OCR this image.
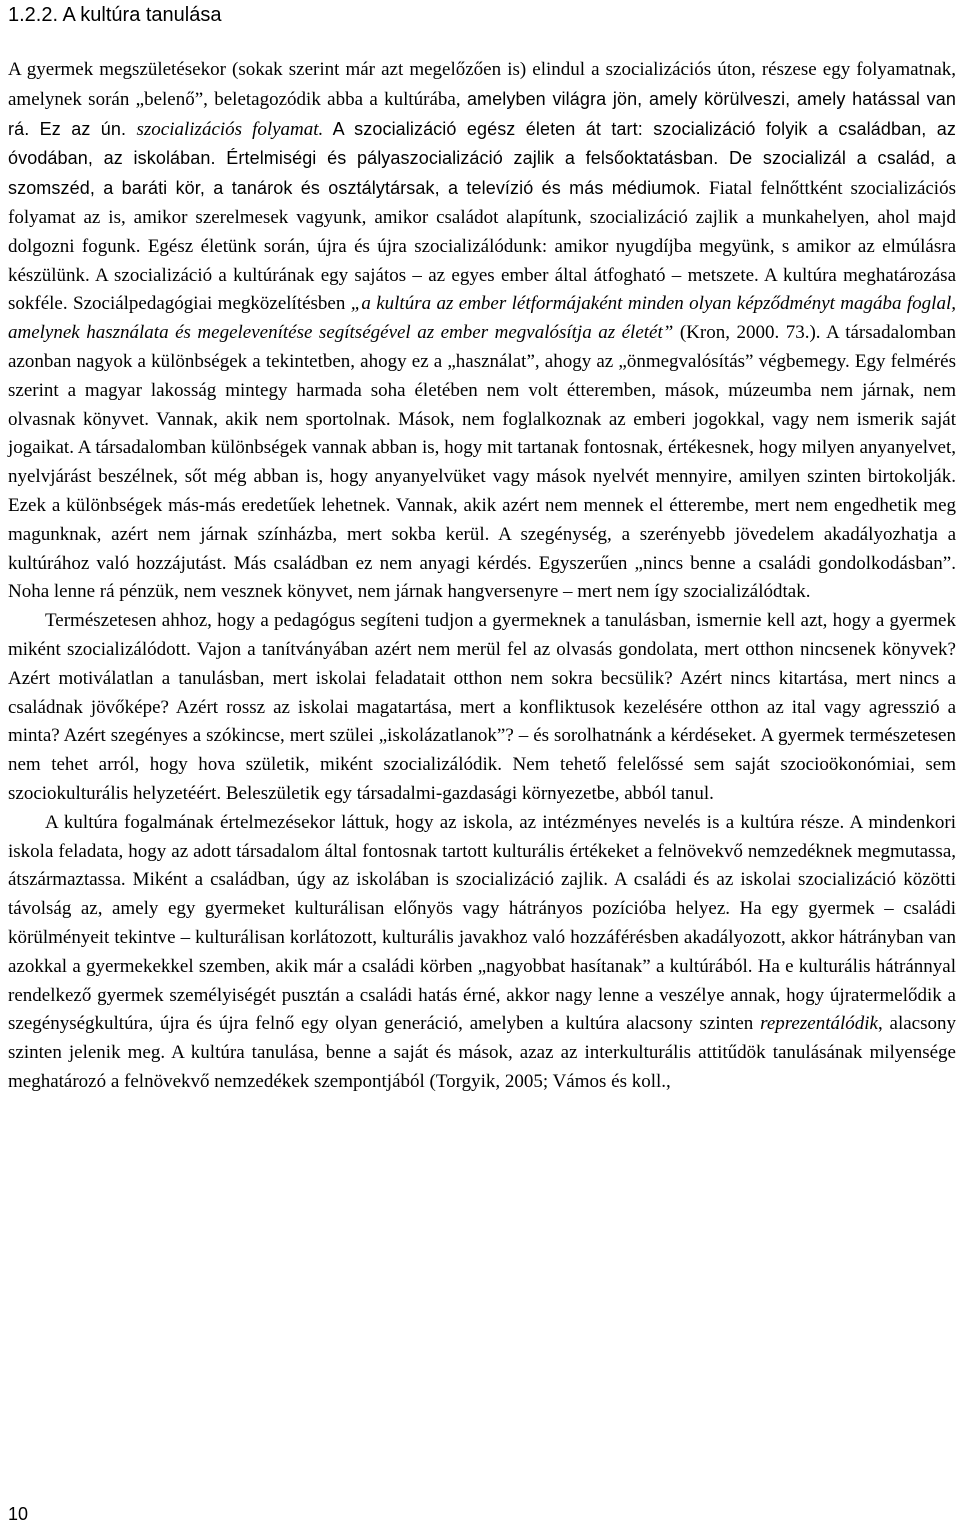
1.2.2. A kultúra tanulása

A gyermek megszületésekor (sokak szerint már azt megelőzően is) elindul a szocializációs úton, részese egy folyamatnak, amelynek során „belenő”, beletagozódik abba a kultúrába, amelyben világra jön, amely körülveszi, amely hatással van rá. Ez az ún. szocializációs folyamat. A szocializáció egész életen át tart: szocializáció folyik a családban, az óvodában, az iskolában. Értelmiségi és pályaszocializáció zajlik a felsőoktatásban. De szocializál a család, a szomszéd, a baráti kör, a tanárok és osztálytársak, a televízió és más médiumok. Fiatal felnőttként szocializációs folyamat az is, amikor szerelmesek vagyunk, amikor családot alapítunk, szocializáció zajlik a munkahelyen, ahol majd dolgozni fogunk. Egész életünk során, újra és újra szocializálódunk: amikor nyugdíjba megyünk, s amikor az elmúlásra készülünk. A szocializáció a kultúrának egy sajátos – az egyes ember által átfogható – metszete. A kultúra meghatározása sokféle. Szociálpedagógiai megközelítésben „a kultúra az ember létformájaként minden olyan képződményt magába foglal, amelynek használata és megelevenítése segítségével az ember megvalósítja az életét” (Kron, 2000. 73.). A társadalomban azonban nagyok a különbségek a tekintetben, ahogy ez a „használat”, ahogy az „önmegvalósítás” végbemegy. Egy felmérés szerint a magyar lakosság mintegy harmada soha életében nem volt étteremben, mások, múzeumba nem járnak, nem olvasnak könyvet. Vannak, akik nem sportolnak. Mások, nem foglalkoznak az emberi jogokkal, vagy nem ismerik saját jogaikat. A társadalomban különbségek vannak abban is, hogy mit tartanak fontosnak, értékesnek, hogy milyen anyanyelvet, nyelvjárást beszélnek, sőt még abban is, hogy anyanyelvüket vagy mások nyelvét mennyire, amilyen szinten birtokolják. Ezek a különbségek más-más eredetűek lehetnek. Vannak, akik azért nem mennek el étterembe, mert nem engedhetik meg magunknak, azért nem járnak színházba, mert sokba kerül. A szegénység, a szerényebb jövedelem akadályozhatja a kultúrához való hozzájutást. Más családban ez nem anyagi kérdés. Egyszerűen „nincs benne a családi gondolkodásban”. Noha lenne rá pénzük, nem vesznek könyvet, nem járnak hangversenyre – mert nem így szocializálódtak.

Természetesen ahhoz, hogy a pedagógus segíteni tudjon a gyermeknek a tanulásban, ismernie kell azt, hogy a gyermek miként szocializálódott. Vajon a tanítványában azért nem merül fel az olvasás gondolata, mert otthon nincsenek könyvek? Azért motiválatlan a tanulásban, mert iskolai feladatait otthon nem sokra becsülik? Azért nincs kitartása, mert nincs a családnak jövőképe? Azért rossz az iskolai magatartása, mert a konfliktusok kezelésére otthon az ital vagy agresszió a minta? Azért szegényes a szókincse, mert szülei „iskolázatlanok”? – és sorolhatnánk a kérdéseket. A gyermek természetesen nem tehet arról, hogy hova születik, miként szocializálódik. Nem tehető felelőssé sem saját szocioökonómiai, sem szociokulturális helyzetéért. Beleszületik egy társadalmi-gazdasági környezetbe, abból tanul.

A kultúra fogalmának értelmezésekor láttuk, hogy az iskola, az intézményes nevelés is a kultúra része. A mindenkori iskola feladata, hogy az adott társadalom által fontosnak tartott kulturális értékeket a felnövekvő nemzedéknek megmutassa, átszármaztassa. Miként a családban, úgy az iskolában is szocializáció zajlik. A családi és az iskolai szocializáció közötti távolság az, amely egy gyermeket kulturálisan előnyös vagy hátrányos pozícióba helyez. Ha egy gyermek – családi körülményeit tekintve – kulturálisan korlátozott, kulturális javakhoz való hozzáférésben akadályozott, akkor hátrányban van azokkal a gyermekekkel szemben, akik már a családi körben „nagyobbat hasítanak” a kultúrából. Ha e kulturális hátránnyal rendelkező gyermek személyiségét pusztán a családi hatás érné, akkor nagy lenne a veszélye annak, hogy újratermelődik a szegénységkultúra, újra és újra felnő egy olyan generáció, amelyben a kultúra alacsony szinten reprezentálódik, alacsony szinten jelenik meg. A kultúra tanulása, benne a saját és mások, azaz az interkulturális attitűdök tanulásának milyensége meghatározó a felnövekvő nemzedékek szempontjából (Torgyik, 2005; Vámos és koll.,

10
